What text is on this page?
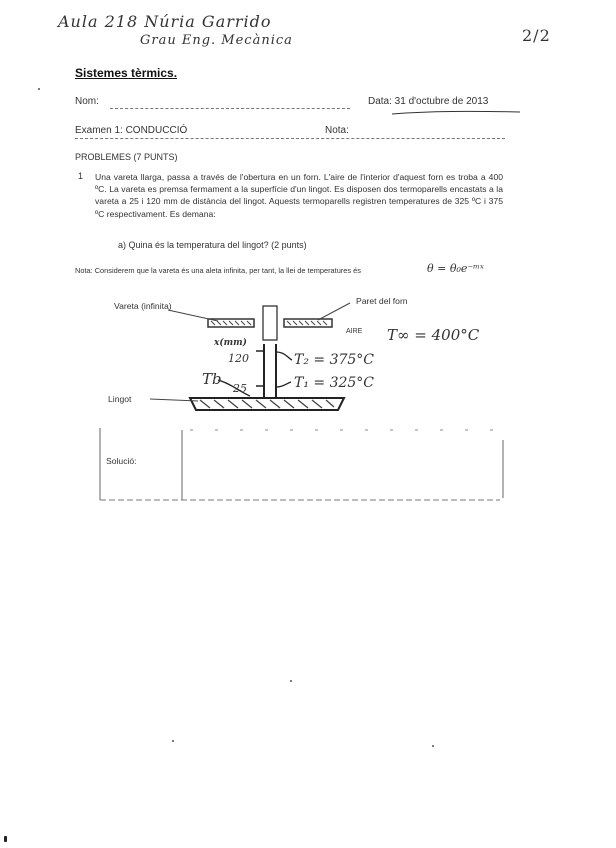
Aula 218 Núria Garrido
Grau Eng. Mecànica	2/2
Sistemes tèrmics.
Nom:	Data: 31 d'octubre de 2013
Examen 1: CONDUCCIÓ	Nota:
PROBLEMES (7 PUNTS)
1 Una vareta llarga, passa a través de l'obertura en un forn. L'aire de l'interior d'aquest forn es troba a 400 ºC. La vareta es premsa fermament a la superfície d'un lingot. Es disposen dos termoparells encastats a la vareta a 25 i 120 mm de distància del lingot. Aquests termoparells registren temperatures de 325 ºC i 375 ºC respectivament. Es demana:
a) Quina és la temperatura del lingot? (2 punts)
Nota: Considerem que la vareta és una aleta infinita, per tant, la llei de temperatures és	θ = θ₀e⁻ᵐˣ
Vareta (infinita)	Paret del forn
AIRE T∞ = 400°C
x(mm)
120
25
T₂ = 375°C
T₁ = 325°C
Tb
Lingot
Solució:
